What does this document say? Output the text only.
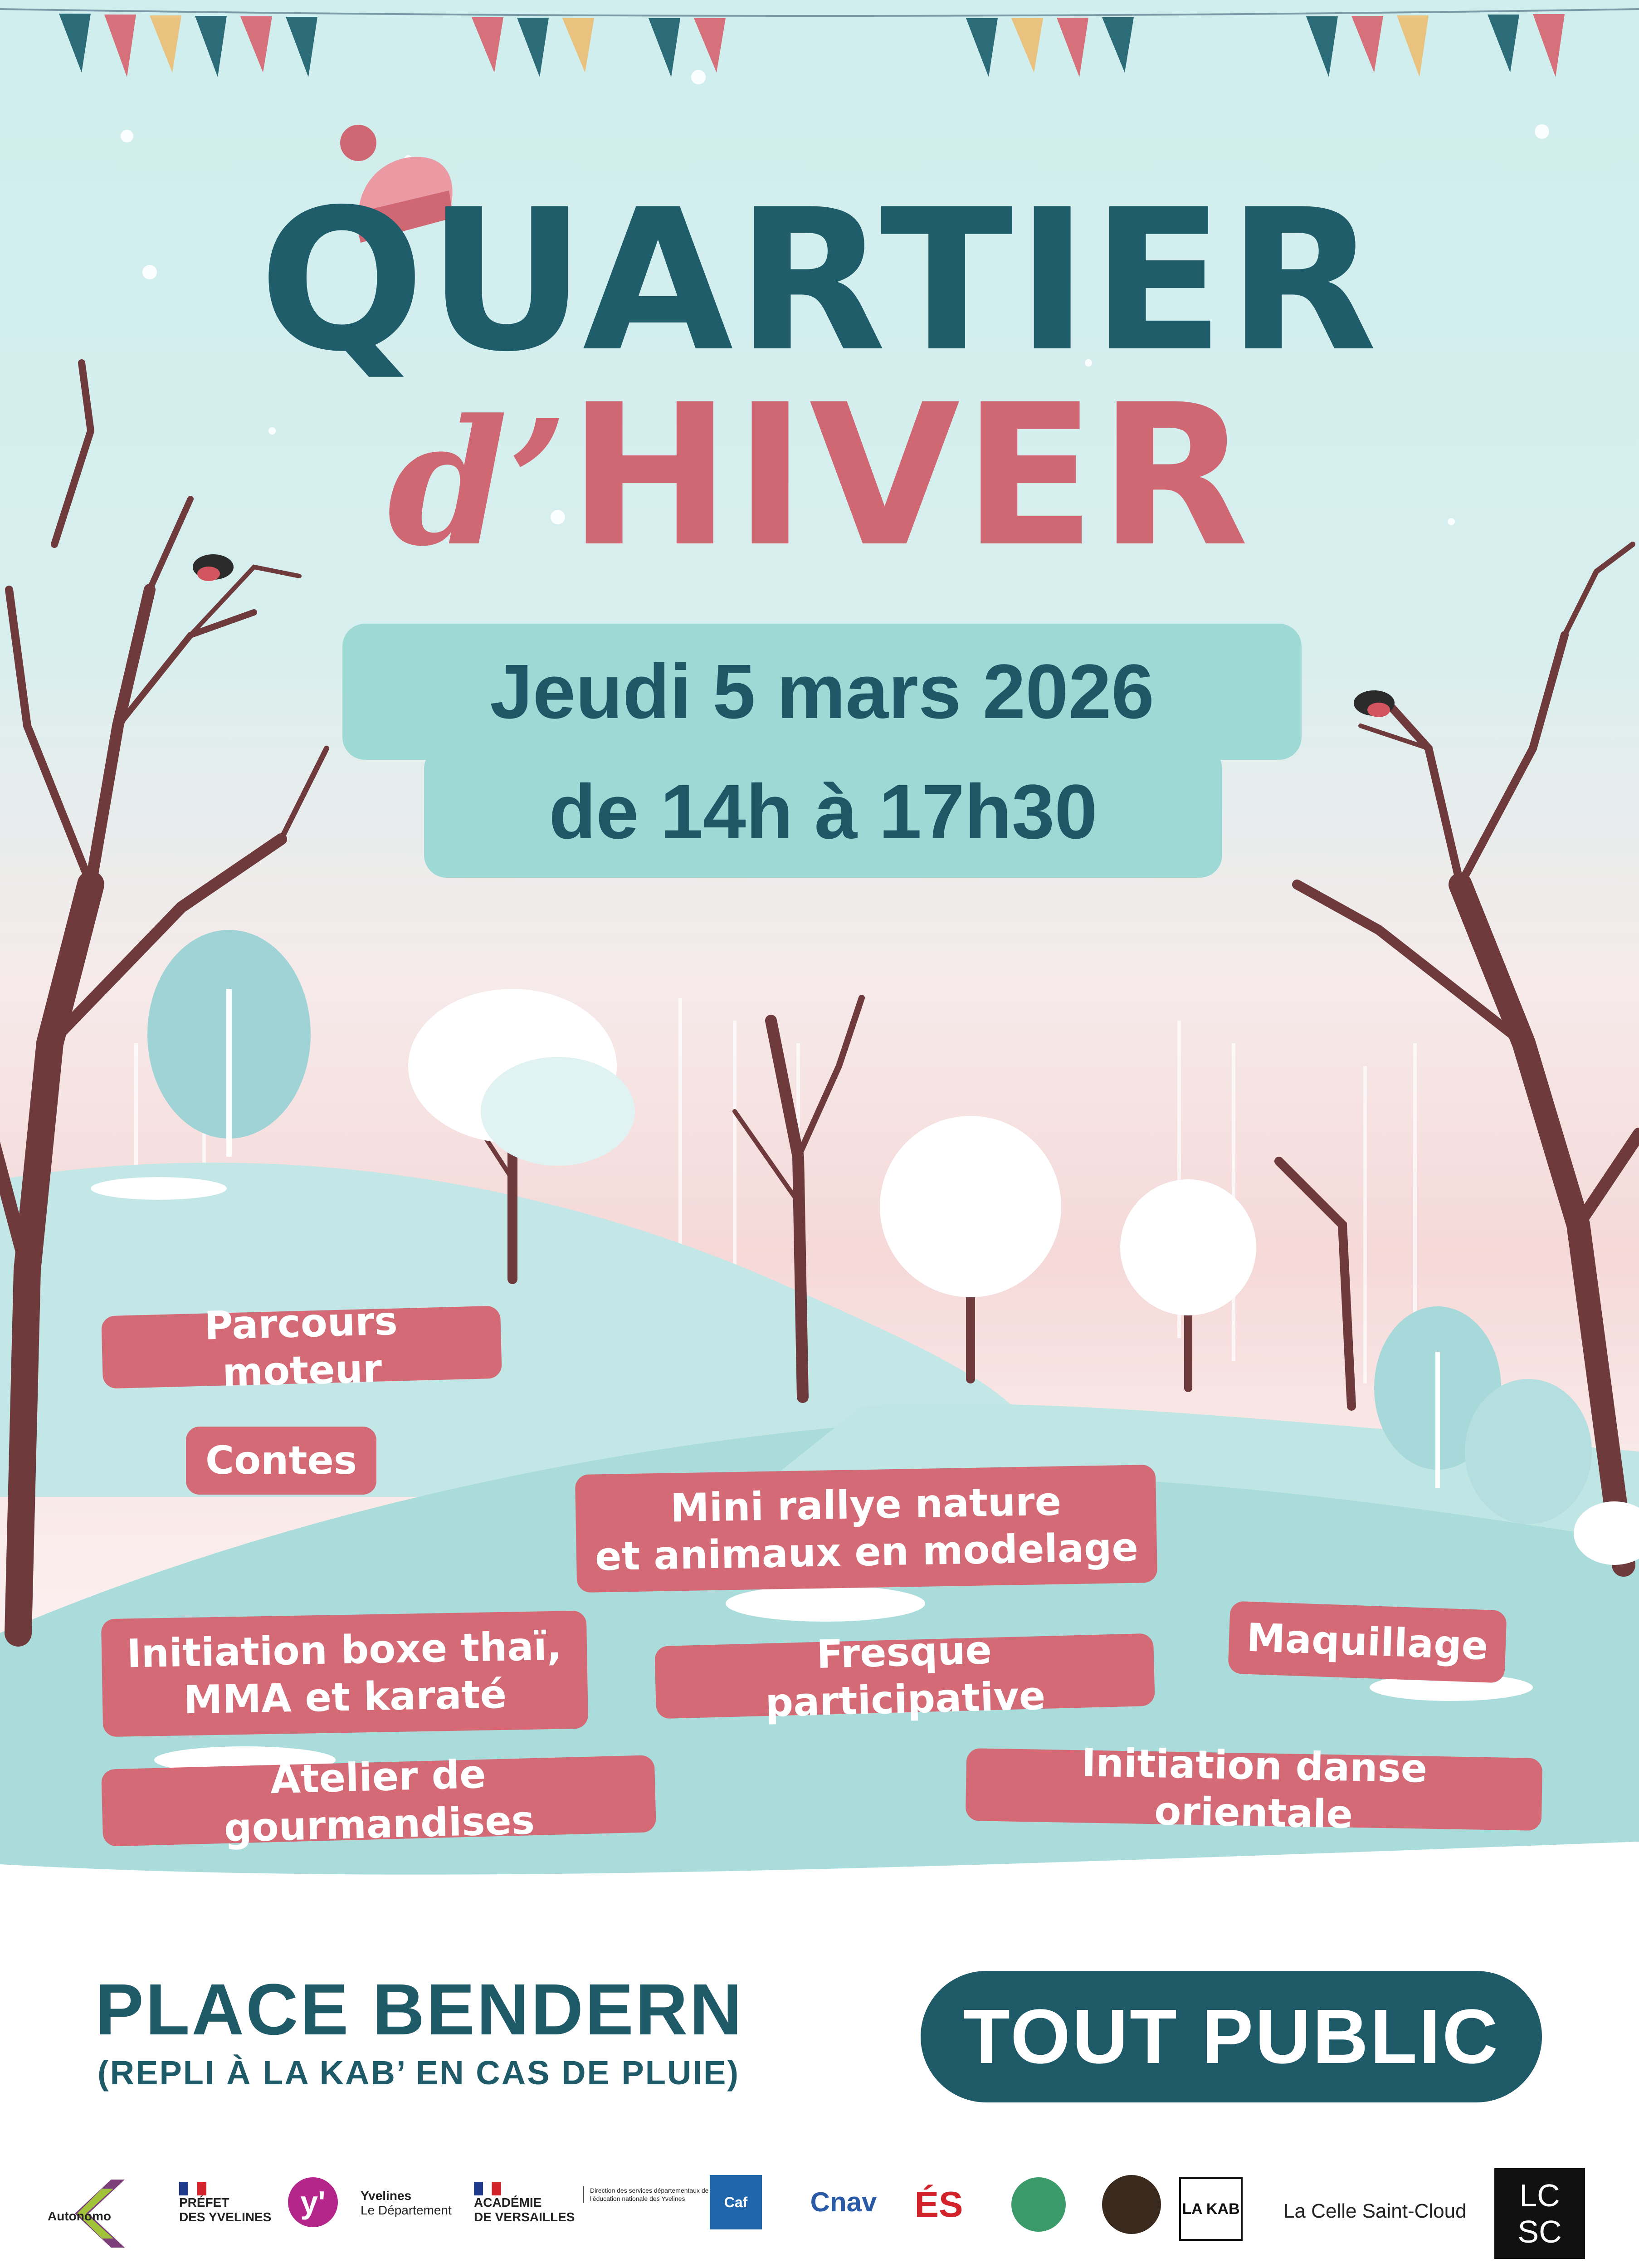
QUARTIER
d’HIVER
Jeudi 5 mars 2026
de 14h à 17h30
Parcours moteur
Contes
Mini rallye nature
et animaux en modelage
Maquillage
Initiation boxe thaï,
MMA et karaté
Fresque participative
Atelier de gourmandises
Initiation danse orientale
PLACE BENDERN
(REPLI À LA KAB’ EN CAS DE PLUIE)	TOUT PUBLIC
Autonomo
PRÉFET
DES YVELINES y'	Yvelines
Le Département
ACADÉMIE
DE VERSAILLES
Direction des services départementaux de l'éducation nationale des Yvelines	Caf Cnav ÉS	LA KAB La Celle Saint-Cloud LC
SC
